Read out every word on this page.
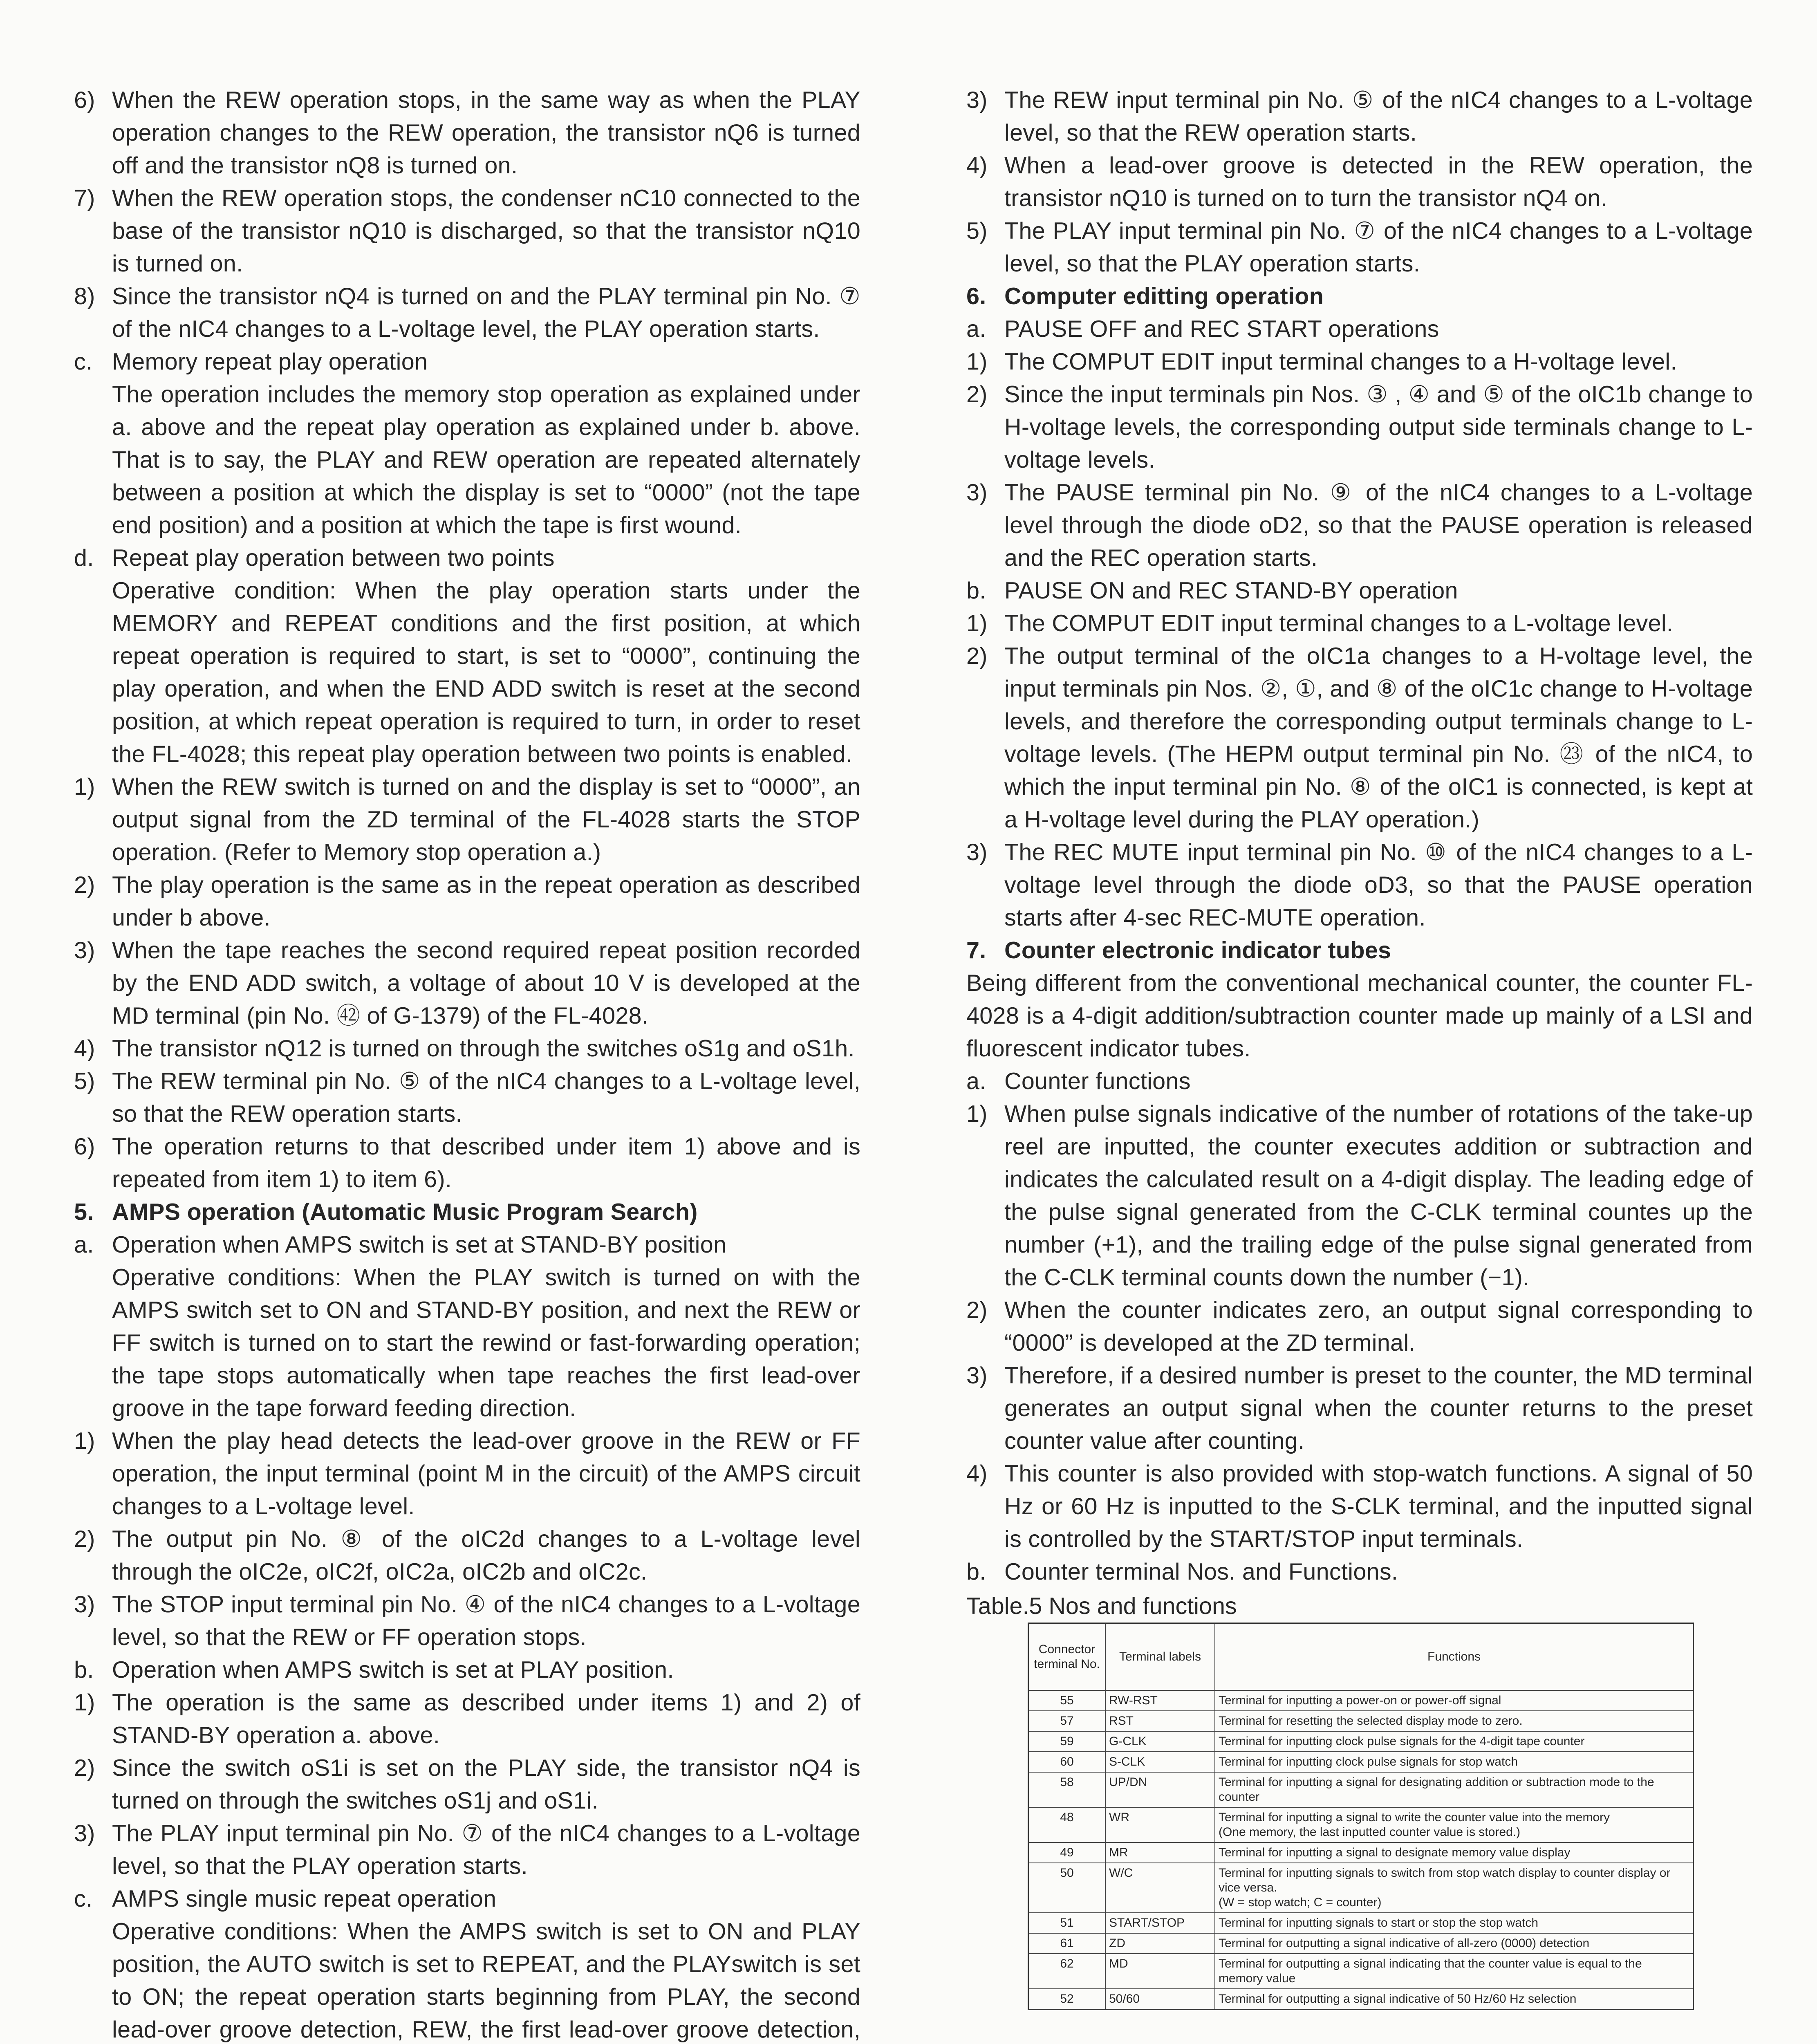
6) When the REW operation stops, in the same way as when the PLAY operation changes to the REW operation, the transistor nQ6 is turned off and the transistor nQ8 is turned on.
7) When the REW operation stops, the condenser nC10 connected to the base of the transistor nQ10 is discharged, so that the transistor nQ10 is turned on.
8) Since the transistor nQ4 is turned on and the PLAY terminal pin No. ⑦ of the nIC4 changes to a L-voltage level, the PLAY operation starts.
c. Memory repeat play operation
The operation includes the memory stop operation as explained under a. above and the repeat play operation as explained under b. above. That is to say, the PLAY and REW operation are repeated alternately between a position at which the display is set to “0000” (not the tape end position) and a position at which the tape is first wound.
d. Repeat play operation between two points
Operative condition: When the play operation starts under the MEMORY and REPEAT conditions and the first position, at which repeat operation is required to start, is set to “0000”, continuing the play operation, and when the END ADD switch is reset at the second position, at which repeat operation is required to turn, in order to reset the FL-4028; this repeat play operation between two points is enabled.
1) When the REW switch is turned on and the display is set to “0000”, an output signal from the ZD terminal of the FL-4028 starts the STOP operation. (Refer to Memory stop operation a.)
2) The play operation is the same as in the repeat operation as described under b above.
3) When the tape reaches the second required repeat position recorded by the END ADD switch, a voltage of about 10 V is developed at the MD terminal (pin No. ㊷ of G-1379) of the FL-4028.
4) The transistor nQ12 is turned on through the switches oS1g and oS1h.
5) The REW terminal pin No. ⑤ of the nIC4 changes to a L-voltage level, so that the REW operation starts.
6) The operation returns to that described under item 1) above and is repeated from item 1) to item 6).
5. AMPS operation (Automatic Music Program Search)
a. Operation when AMPS switch is set at STAND-BY position
Operative conditions: When the PLAY switch is turned on with the AMPS switch set to ON and STAND-BY position, and next the REW or FF switch is turned on to start the rewind or fast-forwarding operation; the tape stops automatically when tape reaches the first lead-over groove in the tape forward feeding direction.
1) When the play head detects the lead-over groove in the REW or FF operation, the input terminal (point M in the circuit) of the AMPS circuit changes to a L-voltage level.
2) The output pin No. ⑧ of the oIC2d changes to a L-voltage level through the oIC2e, oIC2f, oIC2a, oIC2b and oIC2c.
3) The STOP input terminal pin No. ④ of the nIC4 changes to a L-voltage level, so that the REW or FF operation stops.
b. Operation when AMPS switch is set at PLAY position.
1) The operation is the same as described under items 1) and 2) of STAND-BY operation a. above.
2) Since the switch oS1i is set on the PLAY side, the transistor nQ4 is turned on through the switches oS1j and oS1i.
3) The PLAY input terminal pin No. ⑦ of the nIC4 changes to a L-voltage level, so that the PLAY operation starts.
c. AMPS single music repeat operation
Operative conditions: When the AMPS switch is set to ON and PLAY position, the AUTO switch is set to REPEAT, and the PLAYswitch is set to ON; the repeat operation starts beginning from PLAY, the second lead-over groove detection, REW, the first lead-over groove detection,
3) The REW input terminal pin No. ⑤ of the nIC4 changes to a L-voltage level, so that the REW operation starts.
4) When a lead-over groove is detected in the REW operation, the transistor nQ10 is turned on to turn the transistor nQ4 on.
5) The PLAY input terminal pin No. ⑦ of the nIC4 changes to a L-voltage level, so that the PLAY operation starts.
6. Computer editting operation
a. PAUSE OFF and REC START operations
1) The COMPUT EDIT input terminal changes to a H-voltage level.
2) Since the input terminals pin Nos. ③ , ④ and ⑤ of the oIC1b change to H-voltage levels, the corresponding output side terminals change to L-voltage levels.
3) The PAUSE terminal pin No. ⑨ of the nIC4 changes to a L-voltage level through the diode oD2, so that the PAUSE operation is released and the REC operation starts.
b. PAUSE ON and REC STAND-BY operation
1) The COMPUT EDIT input terminal changes to a L-voltage level.
2) The output terminal of the oIC1a changes to a H-voltage level, the input terminals pin Nos. ②, ①, and ⑧ of the oIC1c change to H-voltage levels, and therefore the corresponding output terminals change to L-voltage levels. (The HEPM output terminal pin No. ㉓ of the nIC4, to which the input terminal pin No. ⑧ of the oIC1 is connected, is kept at a H-voltage level during the PLAY operation.)
3) The REC MUTE input terminal pin No. ⑩ of the nIC4 changes to a L-voltage level through the diode oD3, so that the PAUSE operation starts after 4-sec REC-MUTE operation.
7. Counter electronic indicator tubes
Being different from the conventional mechanical counter, the counter FL-4028 is a 4-digit addition/subtraction counter made up mainly of a LSI and fluorescent indicator tubes.
a. Counter functions
1) When pulse signals indicative of the number of rotations of the take-up reel are inputted, the counter executes addition or subtraction and indicates the calculated result on a 4-digit display. The leading edge of the pulse signal generated from the C-CLK terminal countes up the number (+1), and the trailing edge of the pulse signal generated from the C-CLK terminal counts down the number (−1).
2) When the counter indicates zero, an output signal corresponding to “0000” is developed at the ZD terminal.
3) Therefore, if a desired number is preset to the counter, the MD terminal generates an output signal when the counter returns to the preset counter value after counting.
4) This counter is also provided with stop-watch functions. A signal of 50 Hz or 60 Hz is inputted to the S-CLK terminal, and the inputted signal is controlled by the START/STOP input terminals.
b. Counter terminal Nos. and Functions.
Table.5 Nos and functions
Connector terminal No.	Terminal labels	Functions
55	RW-RST	Terminal for inputting a power-on or power-off signal
57	RST	Terminal for resetting the selected display mode to zero.
59	G-CLK	Terminal for inputting clock pulse signals for the 4-digit tape counter
60	S-CLK	Terminal for inputting clock pulse signals for stop watch
58	UP/DN	Terminal for inputting a signal for designating addition or subtraction mode to the counter
48	WR	Terminal for inputting a signal to write the counter value into the memory
(One memory, the last inputted counter value is stored.)
49	MR	Terminal for inputting a signal to designate memory value display
50	W/C	Terminal for inputting signals to switch from stop watch display to counter display or vice versa.
(W = stop watch; C = counter)
51	START/STOP	Terminal for inputting signals to start or stop the stop watch
61	ZD	Terminal for outputting a signal indicative of all-zero (0000) detection
62	MD	Terminal for outputting a signal indicating that the counter value is equal to the memory value
52	50/60	Terminal for outputting a signal indicative of 50 Hz/60 Hz selection
